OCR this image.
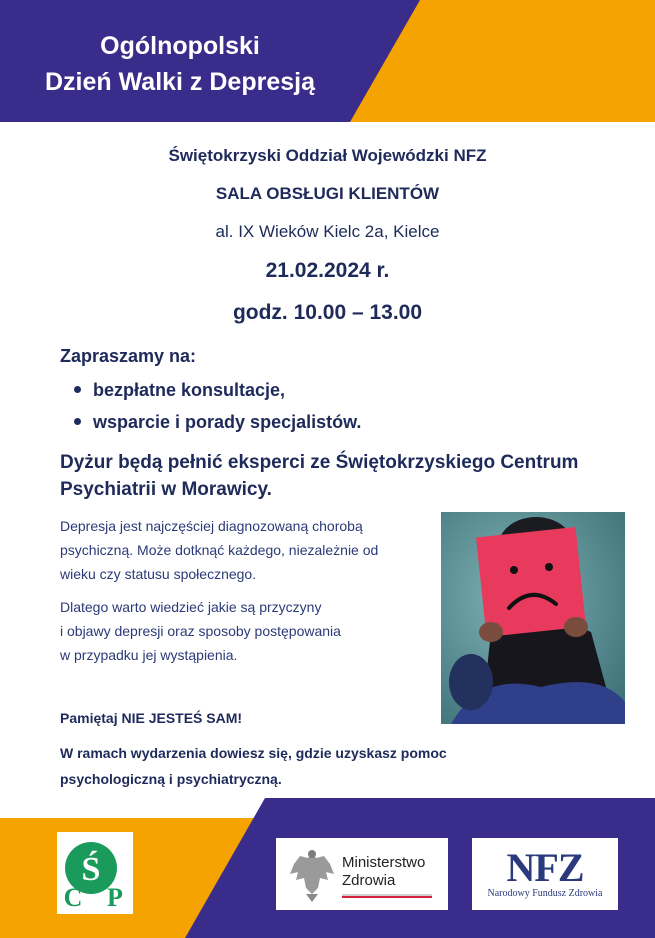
Ogólnopolski
Dzień Walki z Depresją
Świętokrzyski Oddział Wojewódzki NFZ
SALA OBSŁUGI KLIENTÓW
al. IX Wieków Kielc 2a, Kielce
21.02.2024 r.
godz. 10.00 – 13.00
Zapraszamy na:
bezpłatne konsultacje,
wsparcie i porady specjalistów.
Dyżur będą pełnić eksperci ze Świętokrzyskiego Centrum Psychiatrii w Morawicy.
Depresja jest najczęściej diagnozowaną chorobą
psychiczną. Może dotknąć każdego, niezależnie od
wieku czy statusu społecznego.
Dlatego warto wiedzieć jakie są przyczyny
i objawy depresji oraz sposoby postępowania
w przypadku jej wystąpienia.
Pamiętaj NIE JESTEŚ SAM!
W ramach wydarzenia dowiesz się, gdzie uzyskasz pomoc
psychologiczną i psychiatryczną.
Ś
C P
Ministerstwo
Zdrowia	NFZ
Narodowy Fundusz Zdrowia
